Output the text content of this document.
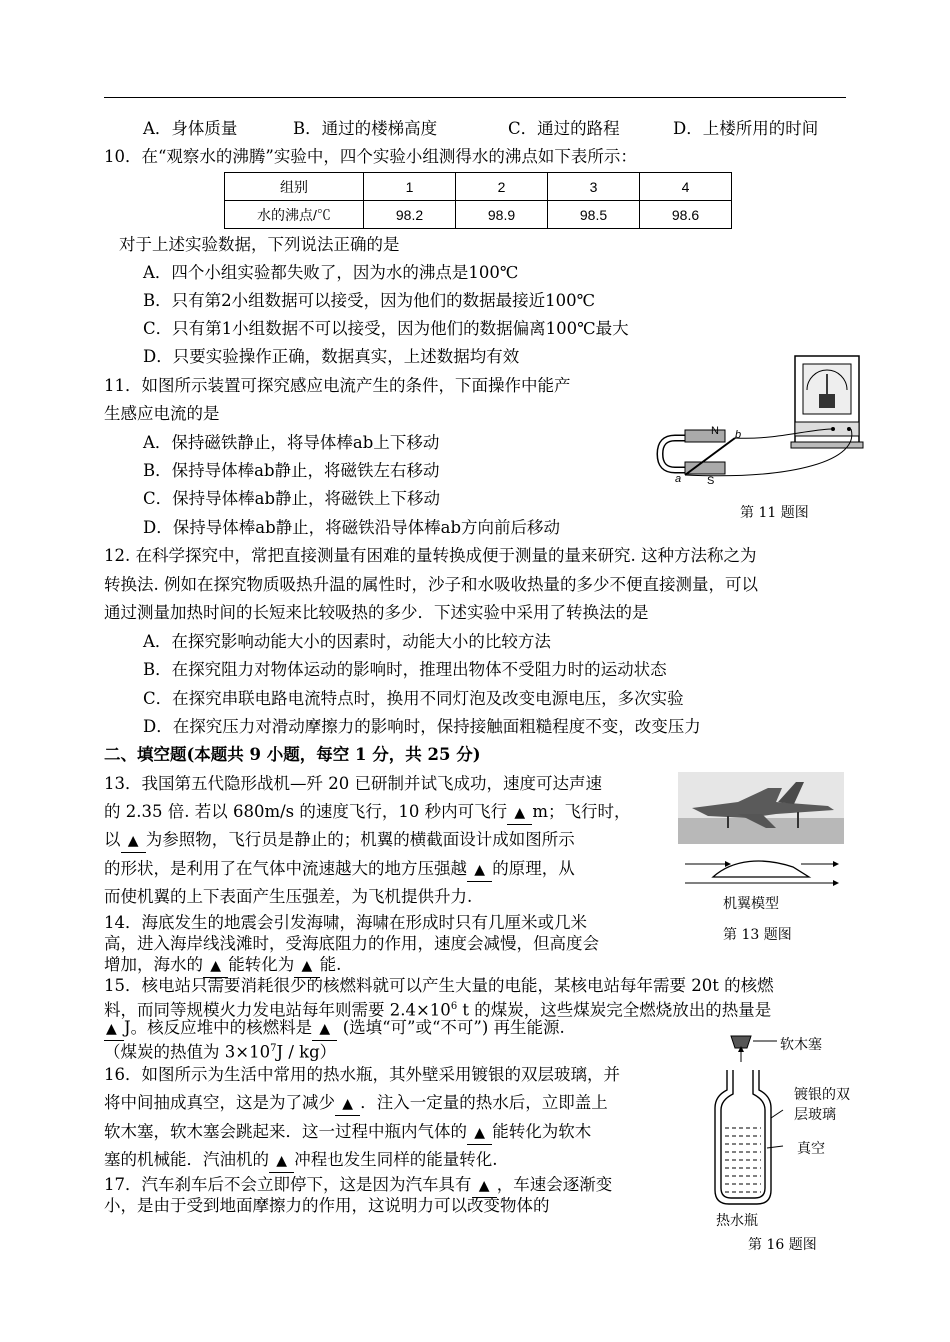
A．身体质量	B．通过的楼梯高度	C．通过的路程	D．上楼所用的时间
10．在“观察水的沸腾”实验中，四个实验小组测得水的沸点如下表所示：
组别	1	2	3	4
水的沸点/℃	98.2	98.9	98.5	98.6
对于上述实验数据，下列说法正确的是
A．四个小组实验都失败了，因为水的沸点是100℃
B．只有第2小组数据可以接受，因为他们的数据最接近100℃
C．只有第1小组数据不可以接受，因为他们的数据偏离100℃最大
D．只要实验操作正确，数据真实，上述数据均有效
11．如图所示装置可探究感应电流产生的条件，下面操作中能产
生感应电流的是
A．保持磁铁静止，将导体棒ab上下移动
B．保持导体棒ab静止，将磁铁左右移动
C．保持导体棒ab静止，将磁铁上下移动
D．保持导体棒ab静止，将磁铁沿导体棒ab方向前后移动
N
S
a
b
第 11 题图
12. 在科学探究中，常把直接测量有困难的量转换成便于测量的量来研究. 这种方法称之为
转换法. 例如在探究物质吸热升温的属性时，沙子和水吸收热量的多少不便直接测量，可以
通过测量加热时间的长短来比较吸热的多少．下述实验中采用了转换法的是
A．在探究影响动能大小的因素时，动能大小的比较方法
B．在探究阻力对物体运动的影响时，推理出物体不受阻力时的运动状态
C．在探究串联电路电流特点时，换用不同灯泡及改变电源电压，多次实验
D．在探究压力对滑动摩擦力的影响时，保持接触面粗糙程度不变，改变压力
二、填空题(本题共 9 小题，每空 1 分，共 25 分)
13．我国第五代隐形战机—歼 20 已研制并试飞成功，速度可达声速
的 2.35 倍. 若以 680m/s 的速度飞行，10 秒内可飞行 ▲ m；飞行时，
以 ▲ 为参照物，飞行员是静止的；机翼的横截面设计成如图所示
的形状，是利用了在气体中流速越大的地方压强越 ▲ 的原理，从
而使机翼的上下表面产生压强差，为飞机提供升力.	机翼模型
第 13 题图
14．海底发生的地震会引发海啸，海啸在形成时只有几厘米或几米
高，进入海岸线浅滩时，受海底阻力的作用，速度会减慢，但高度会
增加，海水的 ▲ 能转化为 ▲ 能.
15．核电站只需要消耗很少的核燃料就可以产生大量的电能，某核电站每年需要 20t 的核燃
料，而同等规模火力发电站每年则需要 $2.4\times 10^6$ t 的煤炭，这些煤炭完全燃烧放出的热量是
▲ J。核反应堆中的核燃料是 ▲ (选填“可”或“不可”) 再生能源.
（煤炭的热值为 $3\times 10^7J / kg$）
16．如图所示为生活中常用的热水瓶，其外壁采用镀银的双层玻璃，并
将中间抽成真空，这是为了减少 ▲ ．注入一定量的热水后，立即盖上
软木塞，软木塞会跳起来．这一过程中瓶内气体的 ▲ 能转化为软木
塞的机械能．汽油机的 ▲ 冲程也发生同样的能量转化.
17．汽车刹车后不会立即停下，这是因为汽车具有 ▲ ，车速会逐渐变
小，是由于受到地面摩擦力的作用，这说明力可以改变物体的
软木塞
镀银的双
层玻璃
真空
热水瓶
第 16 题图
